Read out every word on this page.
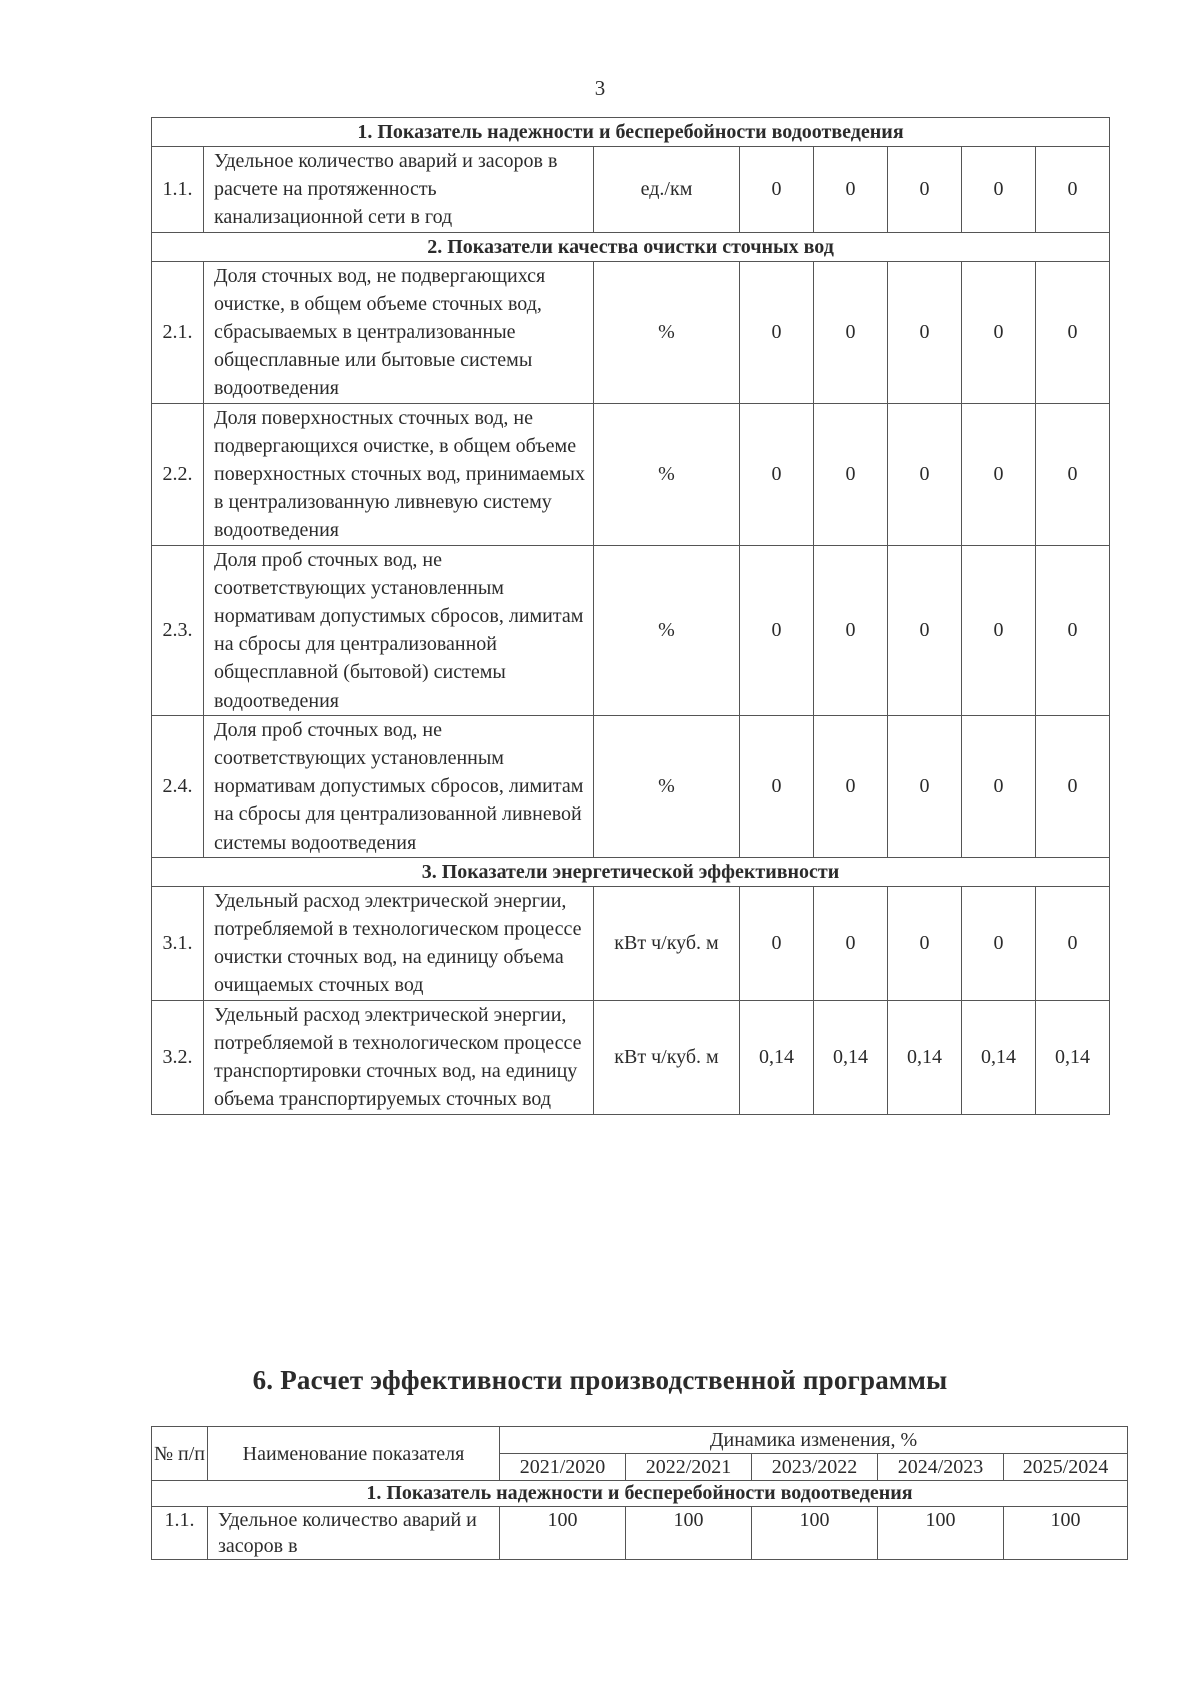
3
1. Показатель надежности и бесперебойности водоотведения							
1.1.	Удельное количество аварий и засоров в расчете на протяженность канализационной сети в год	ед./км	0	0	0	0	0
2. Показатели качества очистки сточных вод							
2.1.	Доля сточных вод, не подвергающихся очистке, в общем объеме сточных вод, сбрасываемых в централизованные общесплавные или бытовые системы водоотведения	%	0	0	0	0	0
2.2.	Доля поверхностных сточных вод, не подвергающихся очистке, в общем объеме поверхностных сточных вод, принимаемых в централизованную ливневую систему водоотведения	%	0	0	0	0	0
2.3.	Доля проб сточных вод, не соответствующих установленным нормативам допустимых сбросов, лимитам на сбросы для централизованной общесплавной (бытовой) системы водоотведения	%	0	0	0	0	0
2.4.	Доля проб сточных вод, не соответствующих установленным нормативам допустимых сбросов, лимитам на сбросы для централизованной ливневой системы водоотведения	%	0	0	0	0	0
3. Показатели энергетической эффективности							
3.1.	Удельный расход электрической энергии, потребляемой в технологическом процессе очистки сточных вод, на единицу объема очищаемых сточных вод	кВт ч/куб. м	0	0	0	0	0
3.2.	Удельный расход электрической энергии, потребляемой в технологическом процессе транспортировки сточных вод, на единицу объема транспортируемых сточных вод	кВт ч/куб. м	0,14	0,14	0,14	0,14	0,14
6. Расчет эффективности производственной программы
№ п/п	Наименование показателя	Динамика изменения, %				
		2021/2020	2022/2021	2023/2022	2024/2023	2025/2024
1. Показатель надежности и бесперебойности водоотведения						
1.1.	Удельное количество аварий и засоров в	100	100	100	100	100
